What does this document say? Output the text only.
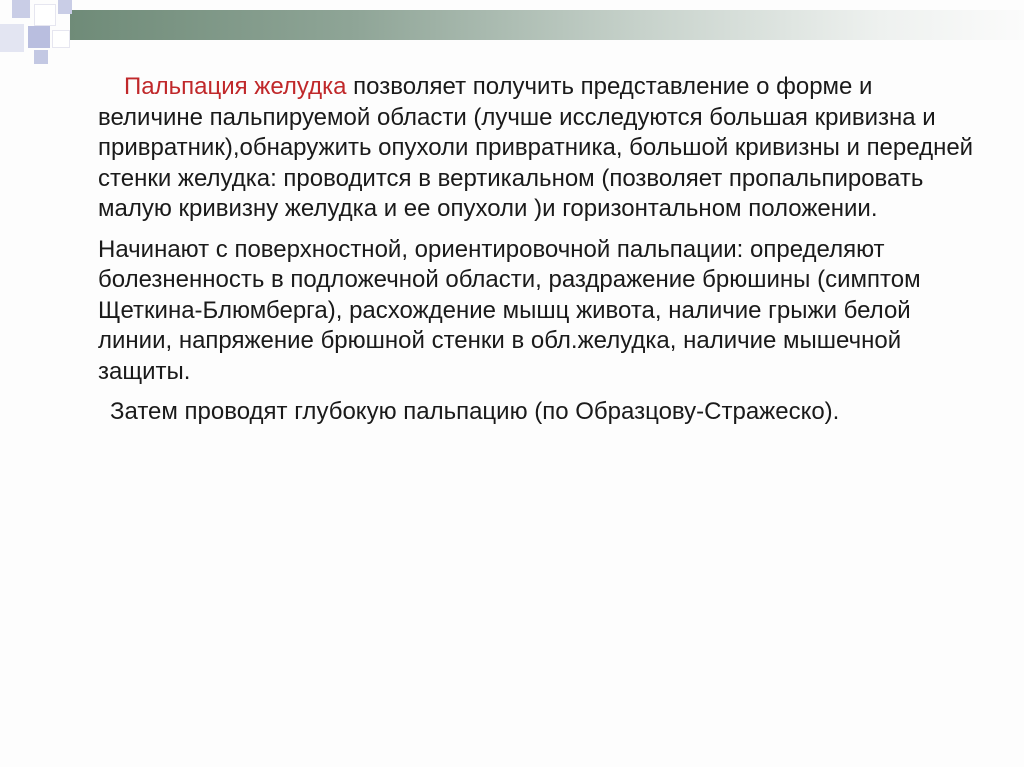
Пальпация желудка позволяет получить представление о форме и величине пальпируемой области (лучше исследуются большая кривизна и привратник),обнаружить опухоли привратника, большой кривизны и передней стенки желудка: проводится в вертикальном (позволяет пропальпировать малую кривизну желудка и ее опухоли )и горизонтальном положении.

Начинают с поверхностной, ориентировочной пальпации: определяют болезненность в подложечной области, раздражение брюшины (симптом Щеткина-Блюмберга), расхождение мышц живота, наличие грыжи белой линии, напряжение брюшной стенки в обл.желудка, наличие мышечной защиты.

Затем проводят глубокую пальпацию (по Образцову-Стражеско).
